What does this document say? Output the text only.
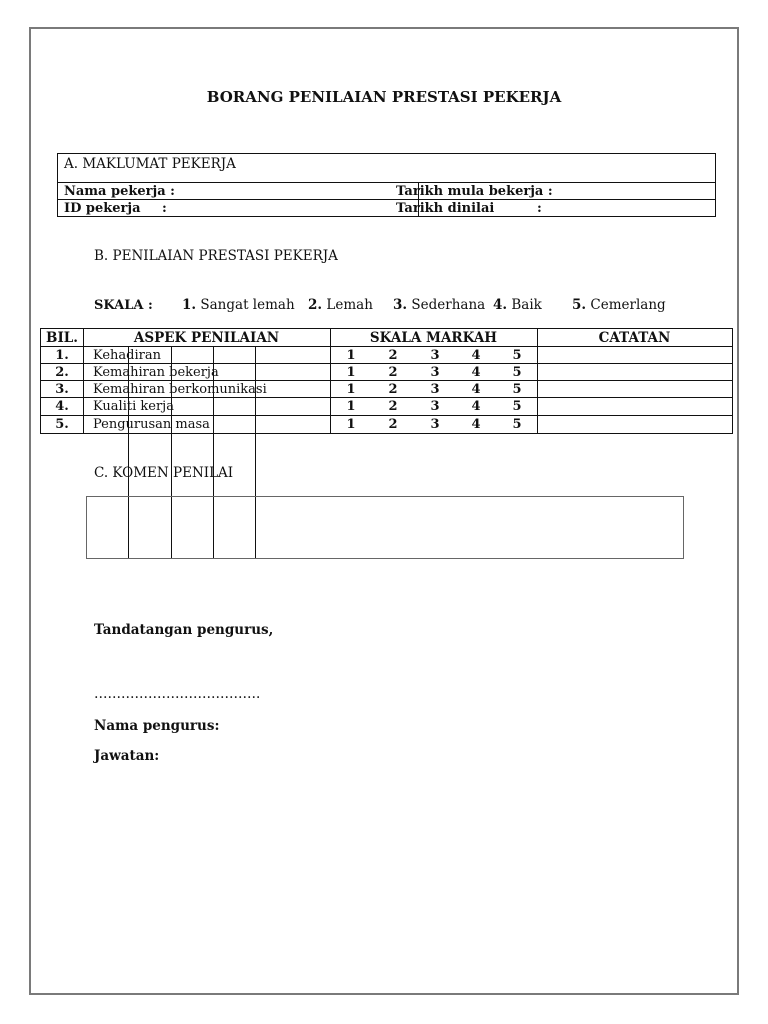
BORANG PENILAIAN PRESTASI PEKERJA
A. MAKLUMAT PEKERJA
Nama pekerja :	Tarikh mula bekerja :
ID pekerja :	Tarikh dinilai	:
B. PENILAIAN PRESTASI PEKERJA
SKALA : 1. Sangat lemah 2. Lemah 3. Sederhana 4. Baik 5. Cemerlang
BIL.	ASPEK PENILAIAN	SKALA MARKAH	CATATAN
1.	Kehadiran	1	2	3	4	5
2.	Kemahiran bekerja	1	2	3	4	5
3.	Kemahiran berkomunikasi	1	2	3	4	5
4.	Kualiti kerja	1	2	3	4	5
5.	Pengurusan masa	1	2	3	4	5
C. KOMEN PENILAI
Tandatangan pengurus,
……………………………….
Nama pengurus:
Jawatan:
